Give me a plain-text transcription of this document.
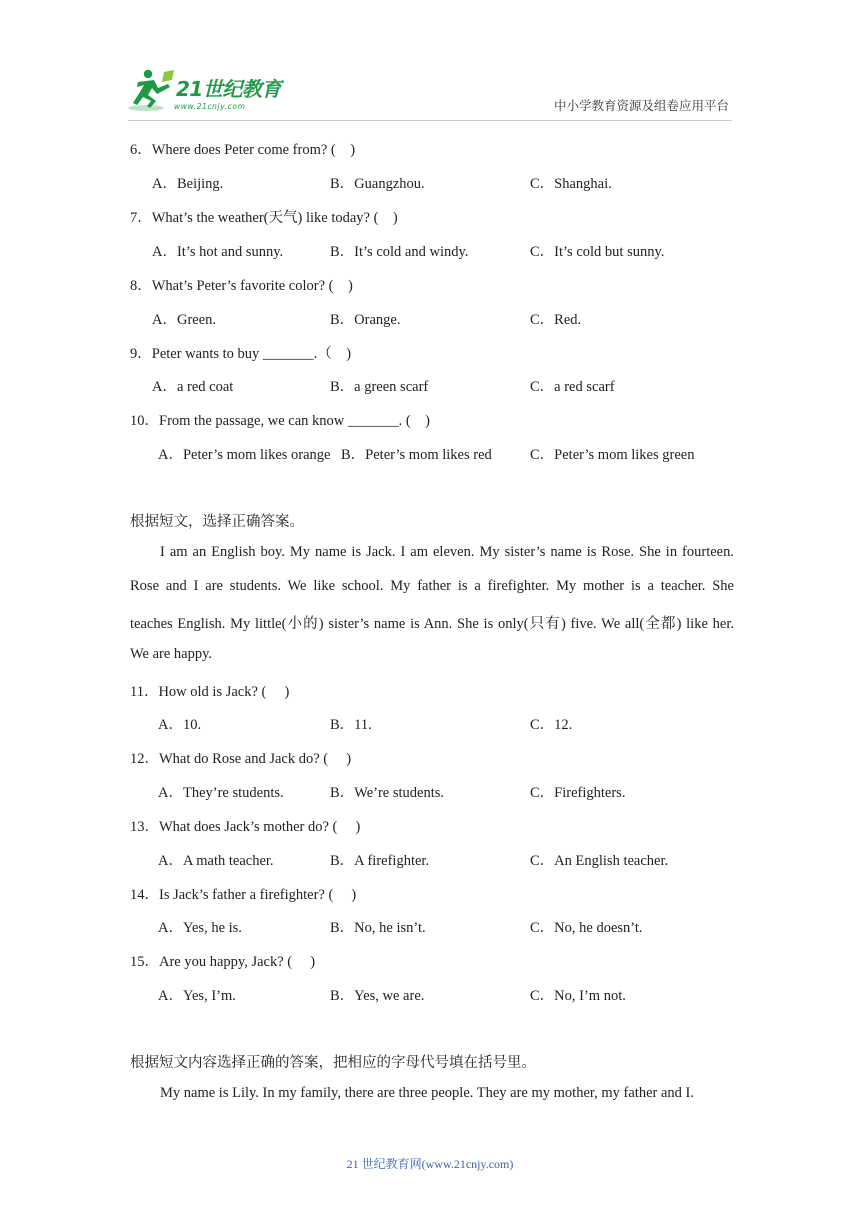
21世纪教育
www.21cnjy.com	中小学教育资源及组卷应用平台
6．Where does Peter come from? (　)
A．Beijing.	B．Guangzhou.	C．Shanghai.
7．What’s the weather(天气) like today? (　)
A．It’s hot and sunny.	B．It’s cold and windy.	C．It’s cold but sunny.
8．What’s Peter’s favorite color? (　)
A．Green.	B．Orange.	C．Red.
9．Peter wants to buy _______.（　)
A．a red coat	B．a green scarf	C．a red scarf
10．From the passage, we can know _______. (　)
A．Peter’s mom likes orange B．Peter’s mom likes red	C．Peter’s mom likes green
根据短文，选择正确答案。
I am an English boy. My name is Jack. I am eleven. My sister’s name is Rose. She in fourteen.
Rose and I are students. We like school. My father is a firefighter. My mother is a teacher. She
teaches English. My little(小的) sister’s name is Ann. She is only(只有) five. We all(全都) like her.
We are happy.
11．How old is Jack? (　 )
A．10.	B．11.	C．12.
12．What do Rose and Jack do? (　 )
A．They’re students.	B．We’re students.	C．Firefighters.
13．What does Jack’s mother do? (　 )
A．A math teacher.	B．A firefighter.	C．An English teacher.
14．Is Jack’s father a firefighter? (　 )
A．Yes, he is.	B．No, he isn’t.	C．No, he doesn’t.
15．Are you happy, Jack? (　 )
A．Yes, I’m.	B．Yes, we are.	C．No, I’m not.
根据短文内容选择正确的答案，把相应的字母代号填在括号里。
My name is Lily. In my family, there are three people. They are my mother, my father and I.
21 世纪教育网(www.21cnjy.com)
